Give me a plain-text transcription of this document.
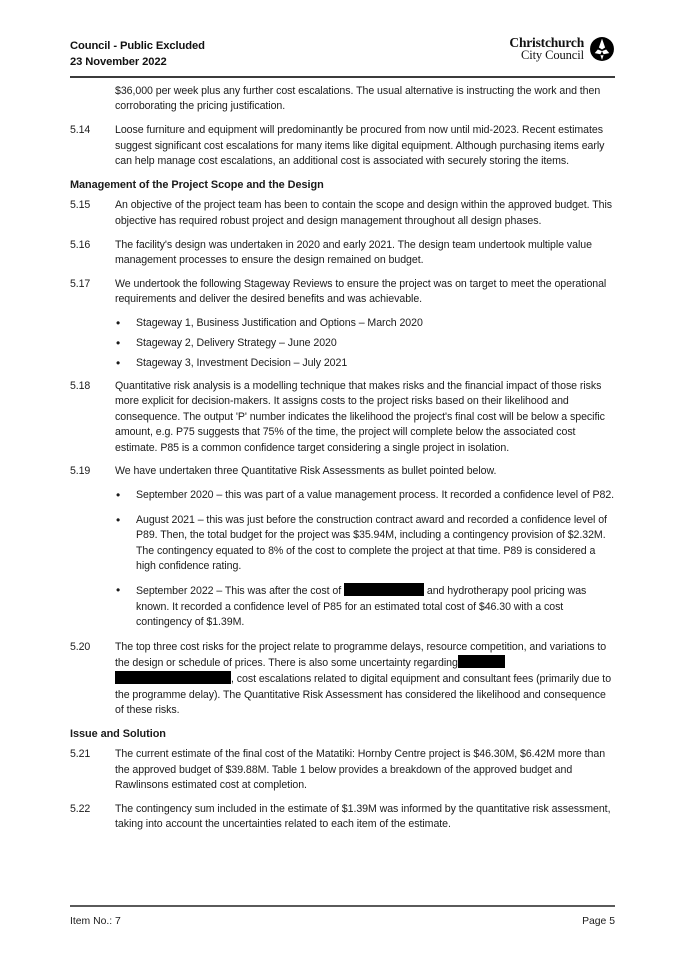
Council - Public Excluded
23 November 2022
Christchurch
City Council
$36,000 per week plus any further cost escalations. The usual alternative is instructing the work and then corroborating the pricing justification.
5.14	Loose furniture and equipment will predominantly be procured from now until mid-2023. Recent estimates suggest significant cost escalations for many items like digital equipment. Although purchasing items early can help manage cost escalations, an additional cost is associated with securely storing the items.
Management of the Project Scope and the Design
5.15	An objective of the project team has been to contain the scope and design within the approved budget. This objective has required robust project and design management throughout all design phases.
5.16	The facility's design was undertaken in 2020 and early 2021. The design team undertook multiple value management processes to ensure the design remained on budget.
5.17	We undertook the following Stageway Reviews to ensure the project was on target to meet the operational requirements and deliver the desired benefits and was achievable.
•	Stageway 1, Business Justification and Options – March 2020
•	Stageway 2, Delivery Strategy – June 2020
•	Stageway 3, Investment Decision – July 2021
5.18	Quantitative risk analysis is a modelling technique that makes risks and the financial impact of those risks more explicit for decision-makers. It assigns costs to the project risks based on their likelihood and consequence. The output 'P' number indicates the likelihood the project's final cost will be below a specific amount, e.g. P75 suggests that 75% of the time, the project will complete below the associated cost estimate. P85 is a common confidence target considering a single project in isolation.
5.19	We have undertaken three Quantitative Risk Assessments as bullet pointed below.
•	September 2020 – this was part of a value management process. It recorded a confidence level of P82.
•	August 2021 – this was just before the construction contract award and recorded a confidence level of P89. Then, the total budget for the project was $35.94M, including a contingency provision of $2.32M. The contingency equated to 8% of the cost to complete the project at that time. P89 is considered a high confidence rating.
•	September 2022 – This was after the cost of	and hydrotherapy pool pricing was known. It recorded a confidence level of P85 for an estimated total cost of $46.30 with a cost contingency of $1.39M.
5.20	The top three cost risks for the project relate to programme delays, resource competition, and variations to the design or schedule of prices. There is also some uncertainty regarding, cost escalations related to digital equipment and consultant fees (primarily due to the programme delay). The Quantitative Risk Assessment has considered the likelihood and consequence of these risks.
Issue and Solution
5.21	The current estimate of the final cost of the Matatiki: Hornby Centre project is $46.30M, $6.42M more than the approved budget of $39.88M. Table 1 below provides a breakdown of the approved budget and Rawlinsons estimated cost at completion.
5.22	The contingency sum included in the estimate of $1.39M was informed by the quantitative risk assessment, taking into account the uncertainties related to each item of the estimate.
Item No.: 7	Page 5
